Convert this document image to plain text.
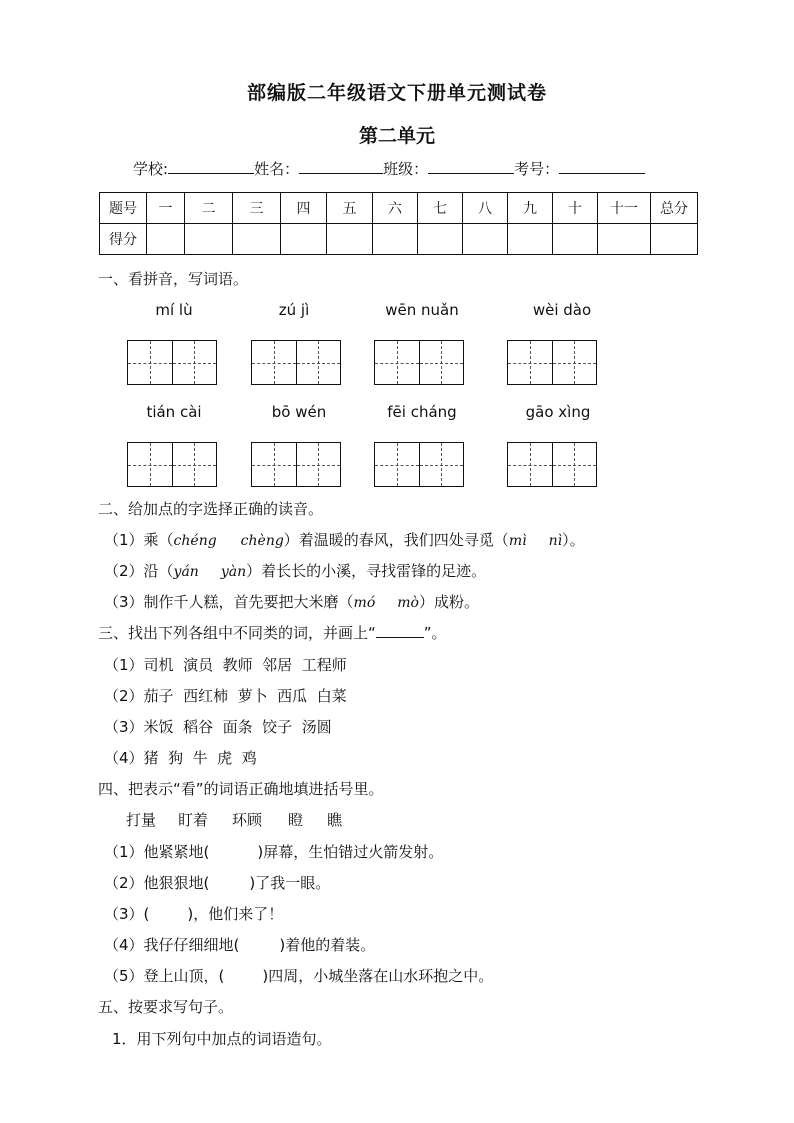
部编版二年级语文下册单元测试卷
第二单元
学校:	姓名：	班级：	考号：
题号	一	二	三	四	五	六	七	八	九	十	十一	总分
得分												
一、看拼音，写词语。
mí lù	zú jì	wēn nuǎn	wèi dào
tián cài	bō wén	fēi cháng	gāo xìng
二、给加点的字选择正确的读音。
（1）乘（chéng chèng）着温暖的春风，我们四处寻觅（mì nì）。
（2）沿（yán yàn）着长长的小溪，寻找雷锋的足迹。
（3）制作千人糕，首先要把大米磨（mó mò）成粉。
三、找出下列各组中不同类的词，并画上“	”。
（1）司机  演员  教师  邻居  工程师
（2）茄子  西红柿  萝卜  西瓜  白菜
（3）米饭  稻谷  面条  饺子  汤圆
（4）猪  狗  牛  虎  鸡
四、把表示“看”的词语正确地填进括号里。
打量 盯着 环顾 瞪 瞧
（1）他紧紧地(	)屏幕，生怕错过火箭发射。
（2）他狠狠地(	)了我一眼。
（3）(	)，他们来了！
（4）我仔仔细细地(	)着他的着装。
（5）登上山顶，(	)四周，小城坐落在山水环抱之中。
五、按要求写句子。
1．用下列句中加点的词语造句。
